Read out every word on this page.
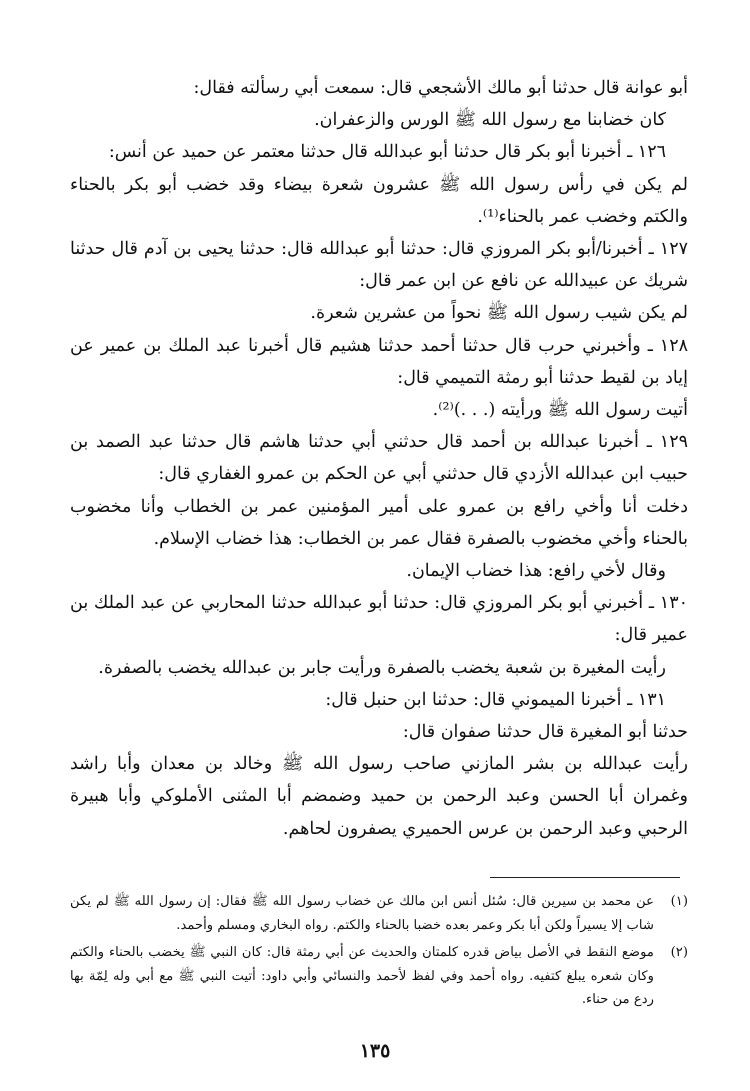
أبو عوانة قال حدثنا أبو مالك الأشجعي قال: سمعت أبي رسألته فقال:

كان خضابنا مع رسول الله ﷺ الورس والزعفران.

١٢٦ ـ أخبرنا أبو بكر قال حدثنا أبو عبدالله قال حدثنا معتمر عن حميد عن أنس:

لم يكن في رأس رسول الله ﷺ عشرون شعرة بيضاء وقد خضب أبو بكر بالحناء والكتم وخضب عمر بالحناء⁽¹⁾.

١٢٧ ـ أخبرنا/أبو بكر المروزي قال: حدثنا أبو عبدالله قال: حدثنا يحيى بن آدم قال حدثنا شريك عن عبيدالله عن نافع عن ابن عمر قال:

لم يكن شيب رسول الله ﷺ نحواً من عشرين شعرة.

١٢٨ ـ وأخبرني حرب قال حدثنا أحمد حدثنا هشيم قال أخبرنا عبد الملك بن عمير عن إياد بن لقيط حدثنا أبو رمثة التميمي قال:

أتيت رسول الله ﷺ ورأيته (. . .)⁽²⁾.

١٢٩ ـ أخبرنا عبدالله بن أحمد قال حدثني أبي حدثنا هاشم قال حدثنا عبد الصمد بن حبيب ابن عبدالله الأزدي قال حدثني أبي عن الحكم بن عمرو الغفاري قال:

دخلت أنا وأخي رافع بن عمرو على أمير المؤمنين عمر بن الخطاب وأنا مخضوب بالحناء وأخي مخضوب بالصفرة فقال عمر بن الخطاب: هذا خضاب الإسلام.

وقال لأخي رافع: هذا خضاب الإيمان.

١٣٠ ـ أخبرني أبو بكر المروزي قال: حدثنا أبو عبدالله حدثنا المحاربي عن عبد الملك بن عمير قال:

رأيت المغيرة بن شعبة يخضب بالصفرة ورأيت جابر بن عبدالله يخضب بالصفرة.

١٣١ ـ أخبرنا الميموني قال: حدثنا ابن حنبل قال:

حدثنا أبو المغيرة قال حدثنا صفوان قال:

رأيت عبدالله بن بشر المازني صاحب رسول الله ﷺ وخالد بن معدان وأبا راشد وغمران أبا الحسن وعبد الرحمن بن حميد وضمضم أبا المثنى الأملوكي وأبا هبيرة الرحبي وعبد الرحمن بن عرس الحميري يصفرون لحاهم.

(١)
عن محمد بن سيرين قال: سُئل أنس ابن مالك عن خضاب رسول الله ﷺ فقال: إن رسول الله ﷺ لم يكن شاب إلا يسيراً ولكن أبا بكر وعمر بعده خضبا بالحناء والكتم. رواه البخاري ومسلم وأحمد.
(٢)
موضع النقط في الأصل بياض قدره كلمتان والحديث عن أبي رمثة قال: كان النبي ﷺ يخضب بالحناء والكتم وكان شعره يبلغ كتفيه. رواه أحمد وفي لفظ لأحمد والنسائي وأبي داود: أتيت النبي ﷺ مع أبي وله لِمّة بها ردع من حناء.
١٣٥
